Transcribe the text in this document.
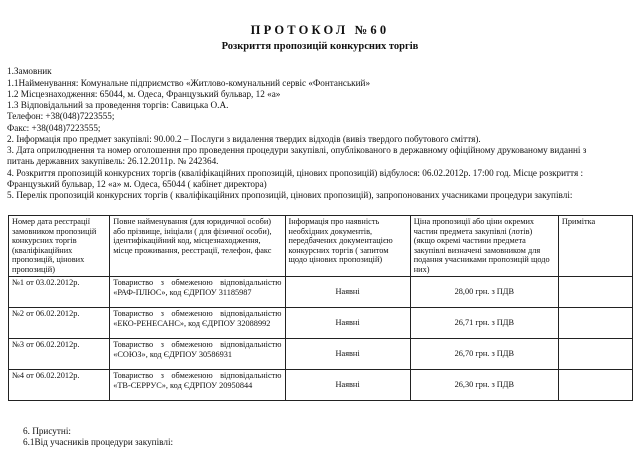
ПРОТОКОЛ №60
Розкриття пропозицій конкурсних торгів
1.Замовник
1.1Найменування: Комунальне підприємство «Житлово-комунальний сервіс «Фонтанський»
1.2 Місцезнаходження: 65044, м. Одеса, Французький бульвар, 12 «а»
1.3 Відповідальний за проведення торгів: Савицька О.А.
Телефон: +38(048)7223555;
Факс: +38(048)7223555;
2. Інформація про предмет закупівлі: 90.00.2 – Послуги з видалення твердих відходів (вивіз твердого побутового сміття).
3. Дата оприлюднення та номер оголошення про проведення процедури закупівлі, опублікованого в державному офіційному друкованому виданні з
питань державних закупівель: 26.12.2011р. № 242364.
4. Розкриття пропозицій конкурсних торгів (кваліфікаційних пропозицій, цінових пропозицій) відбулося: 06.02.2012р. 17:00 год. Місце розкриття :
Французький бульвар, 12 «а» м. Одеса, 65044 ( кабінет директора)
5. Перелік пропозицій конкурсних торгів ( кваліфікаційних пропозицій, цінових пропозицій), запропонованих учасниками процедури закупівлі:
Номер дата реєстрації замовником пропозицій конкурсних торгів (кваліфікаційних пропозицій, цінових пропозицій)	Повне найменування (для юридичної особи) або прізвище, ініціали ( для фізичної особи), ідентифікаційний код, місцезнаходження, місце проживання, реєстрації, телефон, факс	Інформація про наявність необхідних документів, передбачених документацією конкурсних торгів ( запитом щодо цінових пропозицій)	Ціна пропозиції або ціни окремих частин предмета закупівлі (лотів) (якщо окремі частини предмета закупівлі визначені замовником для подання учасниками пропозицій щодо них)	Примітка
№1 от 03.02.2012р.	Товариство з обмеженою відповідальністю «РАФ-ПЛЮС», код ЄДРПОУ 31185987	Наявні	28,00 грн. з ПДВ	
№2 от 06.02.2012р.	Товариство з обмеженою відповідальністю «ЕКО-РЕНЕСАНС», код ЄДРПОУ 32088992	Наявні	26,71 грн. з ПДВ	
№3 от 06.02.2012р.	Товариство з обмеженою відповідальністю «СОЮЗ», код ЄДРПОУ 30586931	Наявні	26,70 грн. з ПДВ	
№4 от 06.02.2012р.	Товариство з обмеженою відповідальністю «ТВ-СЕРРУС», код ЄДРПОУ 20950844	Наявні	26,30 грн. з ПДВ	
6. Присутні:
6.1Від учасників процедури закупівлі:
